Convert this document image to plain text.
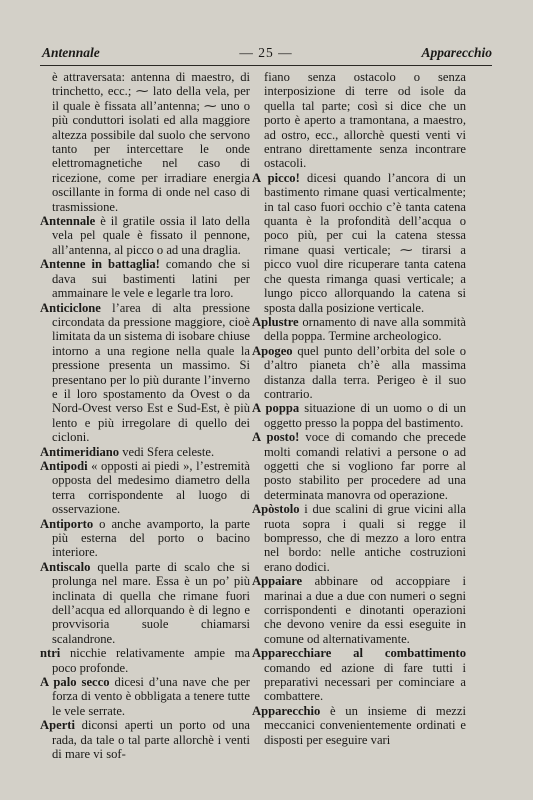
Antennale	— 25 —	Apparecchio

è attraversata: antenna di maestro, di trinchetto, ecc.; ⁓ lato della vela, per il quale è fissata all’antenna; ⁓ uno o più conduttori isolati ed alla maggiore altezza possibile dal suolo che servono tanto per intercettare le onde elettromagnetiche nel caso di ricezione, come per irradiare energia oscillante in forma di onde nel caso di trasmissione.

Antennale è il gratile ossia il lato della vela pel quale è fissato il pennone, all’antenna, al picco o ad una draglia.

Antenne in battaglia! comando che si dava sui bastimenti latini per ammainare le vele e legarle tra loro.

Anticiclone l’area di alta pressione circondata da pressione maggiore, cioè limitata da un sistema di isobare chiuse intorno a una regione nella quale la pressione presenta un massimo. Si presentano per lo più durante l’inverno e il loro spostamento da Ovest o da Nord-Ovest verso Est e Sud-Est, è più lento e più irregolare di quello dei cicloni.

Antimeridiano vedi Sfera celeste.

Antipodi « opposti ai piedi », l’estremità opposta del medesimo diametro della terra corrispondente al luogo di osservazione.

Antiporto o anche avamporto, la parte più esterna del porto o bacino interiore.

Antiscalo quella parte di scalo che si prolunga nel mare. Essa è un po’ più inclinata di quella che rimane fuori dell’acqua ed allorquando è di legno e provvisoria suole chiamarsi scalandrone.

ntri nicchie relativamente ampie ma poco profonde.

A palo secco dicesi d’una nave che per forza di vento è obbligata a tenere tutte le vele serrate.

Aperti diconsi aperti un porto od una rada, da tale o tal parte allorchè i venti di mare vi sof-

fiano senza ostacolo o senza interposizione di terre od isole da quella tal parte; così si dice che un porto è aperto a tramontana, a maestro, ad ostro, ecc., allorchè questi venti vi entrano direttamente senza incontrare ostacoli.

A picco! dicesi quando l’ancora di un bastimento rimane quasi verticalmente; in tal caso fuori occhio c’è tanta catena quanta è la profondità dell’acqua o poco più, per cui la catena stessa rimane quasi verticale; ⁓ tirarsi a picco vuol dire ricuperare tanta catena che questa rimanga quasi verticale; a lungo picco allorquando la catena si sposta dalla posizione verticale.

Aplustre ornamento di nave alla sommità della poppa. Termine archeologico.

Apogeo quel punto dell’orbita del sole o d’altro pianeta ch’è alla massima distanza dalla terra. Perigeo è il suo contrario.

A poppa situazione di un uomo o di un oggetto presso la poppa del bastimento.

A posto! voce di comando che precede molti comandi relativi a persone o ad oggetti che si vogliono far porre al posto stabilito per procedere ad una determinata manovra od operazione.

Apòstolo i due scalini di grue vicini alla ruota sopra i quali si regge il bompresso, che di mezzo a loro entra nel bordo: nelle antiche costruzioni erano dodici.

Appaiare abbinare od accoppiare i marinai a due a due con numeri o segni corrispondenti e dinotanti operazioni che devono venire da essi eseguite in comune od alternativamente.

Apparecchiare al combattimento comando ed azione di fare tutti i preparativi necessari per cominciare a combattere.

Apparecchio è un insieme di mezzi meccanici convenientemente ordinati e disposti per eseguire vari
